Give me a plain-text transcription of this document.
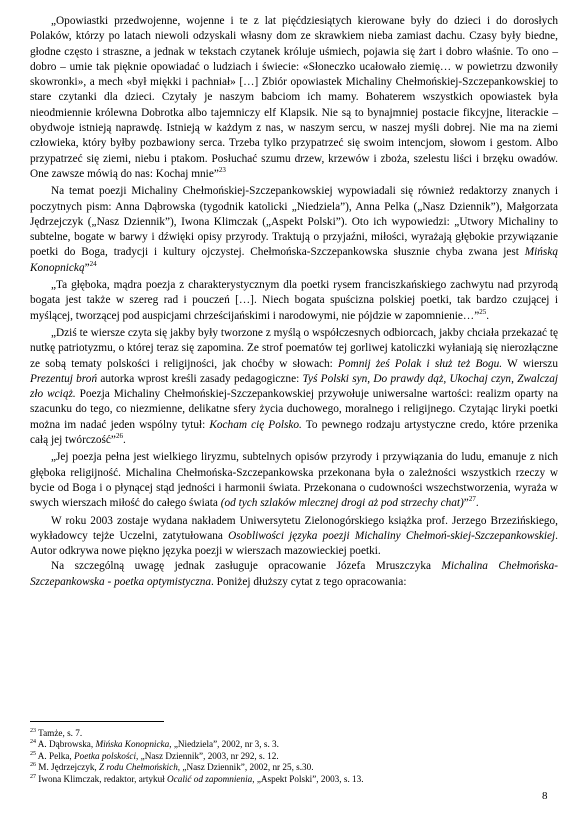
„Opowiastki przedwojenne, wojenne i te z lat pięćdziesiątych kierowane były do dzieci i do dorosłych Polaków, którzy po latach niewoli odzyskali własny dom ze skrawkiem nieba zamiast dachu. Czasy były biedne, głodne często i straszne, a jednak w tekstach czytanek króluje uśmiech, pojawia się żart i dobro właśnie. To ono – dobro – umie tak pięknie opowiadać o ludziach i świecie: «Słoneczko ucałowało ziemię… w powietrzu dzwoniły skowronki», a mech «był miękki i pachniał» […] Zbiór opowiastek Michaliny Chełmońskiej-Szczepankowskiej to stare czytanki dla dzieci. Czytały je naszym babciom ich mamy. Bohaterem wszystkich opowiastek była nieodmiennie królewna Dobrotka albo tajemniczy elf Klapsik. Nie są to bynajmniej postacie fikcyjne, literackie – obydwoje istnieją naprawdę. Istnieją w każdym z nas, w naszym sercu, w naszej myśli dobrej. Nie ma na ziemi człowieka, który byłby pozbawiony serca. Trzeba tylko przypatrzeć się swoim intencjom, słowom i gestom. Albo przypatrzeć się ziemi, niebu i ptakom. Posłuchać szumu drzew, krzewów i zboża, szelestu liści i brzęku owadów. One zawsze mówią do nas: Kochaj mnie”$^{23}$

Na temat poezji Michaliny Chełmońskiej-Szczepankowskiej wypowiadali się również redaktorzy znanych i poczytnych pism: Anna Dąbrowska (tygodnik katolicki „Niedziela”), Anna Pelka („Nasz Dziennik”), Małgorzata Jędrzejczyk („Nasz Dziennik”), Iwona Klimczak („Aspekt Polski”). Oto ich wypowiedzi: „Utwory Michaliny to subtelne, bogate w barwy i dźwięki opisy przyrody. Traktują o przyjaźni, miłości, wyrażają głębokie przywiązanie poetki do Boga, tradycji i kultury ojczystej. Chełmońska-Szczepankowska słusznie chyba zwana jest Mińską Konopnicką”$^{24}$

„Ta głęboka, mądra poezja z charakterystycznym dla poetki rysem franciszkańskiego zachwytu nad przyrodą bogata jest także w szereg rad i pouczeń […]. Niech bogata spuścizna polskiej poetki, tak bardzo czującej i myślącej, tworzącej pod auspicjami chrześcijańskimi i narodowymi, nie pójdzie w zapomnienie…”$^{25}$.

„Dziś te wiersze czyta się jakby były tworzone z myślą o współczesnych odbiorcach, jakby chciała przekazać tę nutkę patriotyzmu, o której teraz się zapomina. Ze strof poematów tej gorliwej katoliczki wyłaniają się nierozłączne ze sobą tematy polskości i religijności, jak choćby w słowach: Pomnij żeś Polak i służ też Bogu. W wierszu Prezentuj broń autorka wprost kreśli zasady pedagogiczne: Tyś Polski syn, Do prawdy dąż, Ukochaj czyn, Zwalczaj zło wciąż. Poezja Michaliny Chełmońskiej-Szczepankowskiej przywołuje uniwersalne wartości: realizm oparty na szacunku do tego, co niezmienne, delikatne sfery życia duchowego, moralnego i religijnego. Czytając liryki poetki można im nadać jeden wspólny tytuł: Kocham cię Polsko. To pewnego rodzaju artystyczne credo, które przenika całą jej twórczość”$^{26}$.

„Jej poezja pełna jest wielkiego liryzmu, subtelnych opisów przyrody i przywiązania do ludu, emanuje z nich głęboka religijność. Michalina Chełmońska-Szczepankowska przekonana była o zależności wszystkich rzeczy w bycie od Boga i o płynącej stąd jedności i harmonii świata. Przekonana o cudowności wszechstworzenia, wyraża w swych wierszach miłość do całego świata (od tych szlaków mlecznej drogi aż pod strzechy chat)”$^{27}$.

W roku 2003 zostaje wydana nakładem Uniwersytetu Zielonogórskiego książka prof. Jerzego Brzezińskiego, wykładowcy tejże Uczelni, zatytułowana Osobliwości języka poezji Michaliny Chełmoń-skiej-Szczepankowskiej. Autor odkrywa nowe piękno języka poezji w wierszach mazowieckiej poetki.

Na szczególną uwagę jednak zasługuje opracowanie Józefa Mruszczyka Michalina Chełmońska-Szczepankowska - poetka optymistyczna. Poniżej dłuższy cytat z tego opracowania:

$^{23}$ Tamże, s. 7.
$^{24}$ A. Dąbrowska, Mińska Konopnicka, „Niedziela”, 2002, nr 3, s. 3.
$^{25}$ A. Pelka, Poetka polskości, „Nasz Dziennik”, 2003, nr 292, s. 12.
$^{26}$ M. Jędrzejczyk, Z rodu Chełmońskich, „Nasz Dziennik”, 2002, nr 25, s.30.
$^{27}$ Iwona Klimczak, redaktor, artykuł Ocalić od zapomnienia, „Aspekt Polski”, 2003, s. 13.
8
